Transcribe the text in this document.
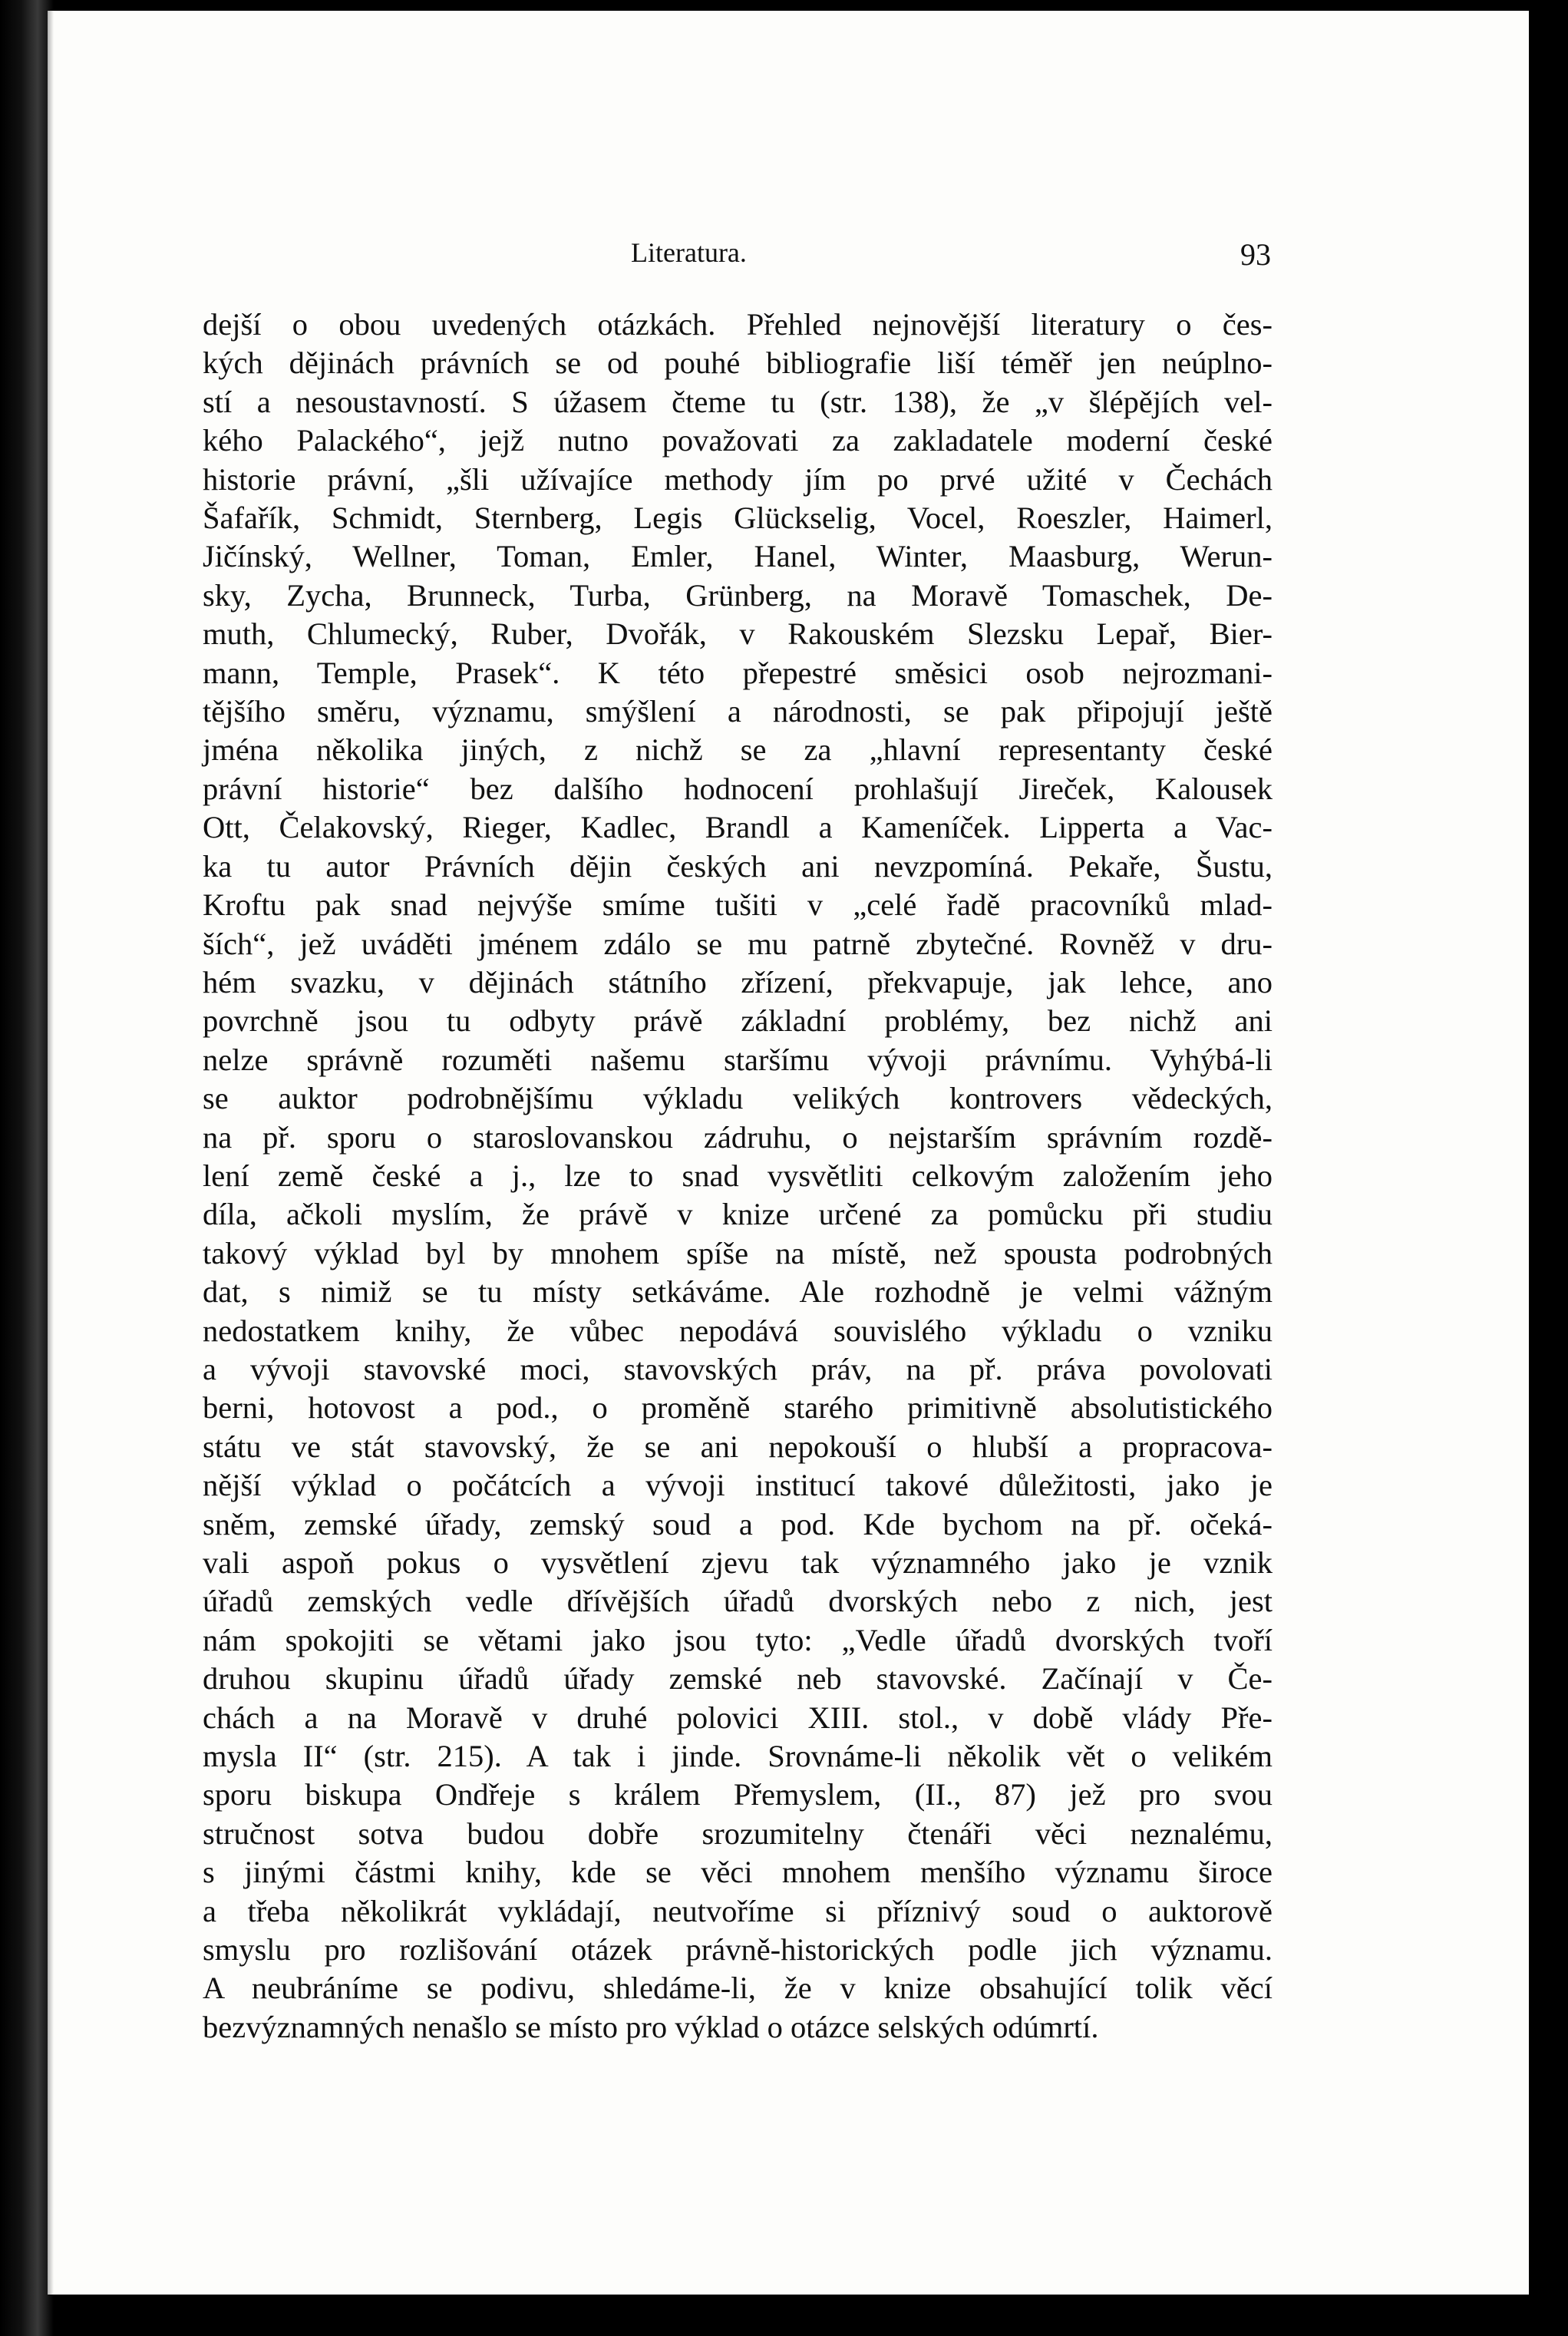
Literatura.	93
dejší o obou uvedených otázkách. Přehled nejnovější literatury o čes-
kých dějinách právních se od pouhé bibliografie liší téměř jen neúplno-
stí a nesoustavností. S úžasem čteme tu (str. 138), že „v šlépějích vel-
kého Palackého“, jejž nutno považovati za zakladatele moderní české
historie právní, „šli užívajíce methody jím po prvé užité v Čechách
Šafařík, Schmidt, Sternberg, Legis Glückselig, Vocel, Roeszler, Haimerl,
Jičínský, Wellner, Toman, Emler, Hanel, Winter, Maasburg, Werun-
sky, Zycha, Brunneck, Turba, Grünberg, na Moravě Tomaschek, De-
muth, Chlumecký, Ruber, Dvořák, v Rakouském Slezsku Lepař, Bier-
mann, Temple, Prasek“. K této přepestré směsici osob nejrozmani-
tějšího směru, významu, smýšlení a národnosti, se pak připojují ještě
jména několika jiných, z nichž se za „hlavní representanty české
právní historie“ bez dalšího hodnocení prohlašují Jireček, Kalousek
Ott, Čelakovský, Rieger, Kadlec, Brandl a Kameníček. Lipperta a Vac-
ka tu autor Právních dějin českých ani nevzpomíná. Pekaře, Šustu,
Kroftu pak snad nejvýše smíme tušiti v „celé řadě pracovníků mlad-
ších“, jež uváděti jménem zdálo se mu patrně zbytečné. Rovněž v dru-
hém svazku, v dějinách státního zřízení, překvapuje, jak lehce, ano
povrchně jsou tu odbyty právě základní problémy, bez nichž ani
nelze správně rozuměti našemu staršímu vývoji právnímu. Vyhýbá-li
se auktor podrobnějšímu výkladu velikých kontrovers vědeckých,
na př. sporu o staroslovanskou zádruhu, o nejstarším správním rozdě-
lení země české a j., lze to snad vysvětliti celkovým založením jeho
díla, ačkoli myslím, že právě v knize určené za pomůcku při studiu
takový výklad byl by mnohem spíše na místě, než spousta podrobných
dat, s nimiž se tu místy setkáváme. Ale rozhodně je velmi vážným
nedostatkem knihy, že vůbec nepodává souvislého výkladu o vzniku
a vývoji stavovské moci, stavovských práv, na př. práva povolovati
berni, hotovost a pod., o proměně starého primitivně absolutistického
státu ve stát stavovský, že se ani nepokouší o hlubší a propracova-
nější výklad o počátcích a vývoji institucí takové důležitosti, jako je
sněm, zemské úřady, zemský soud a pod. Kde bychom na př. očeká-
vali aspoň pokus o vysvětlení zjevu tak významného jako je vznik
úřadů zemských vedle dřívějších úřadů dvorských nebo z nich, jest
nám spokojiti se větami jako jsou tyto: „Vedle úřadů dvorských tvoří
druhou skupinu úřadů úřady zemské neb stavovské. Začínají v Če-
chách a na Moravě v druhé polovici XIII. stol., v době vlády Pře-
mysla II“ (str. 215). A tak i jinde. Srovnáme-li několik vět o velikém
sporu biskupa Ondřeje s králem Přemyslem, (II., 87) jež pro svou
stručnost sotva budou dobře srozumitelny čtenáři věci neznalému,
s jinými částmi knihy, kde se věci mnohem menšího významu široce
a třeba několikrát vykládají, neutvoříme si příznivý soud o auktorově
smyslu pro rozlišování otázek právně-historických podle jich významu.
A neubráníme se podivu, shledáme-li, že v knize obsahující tolik věcí
bezvýznamných nenašlo se místo pro výklad o otázce selských odúmrtí.
